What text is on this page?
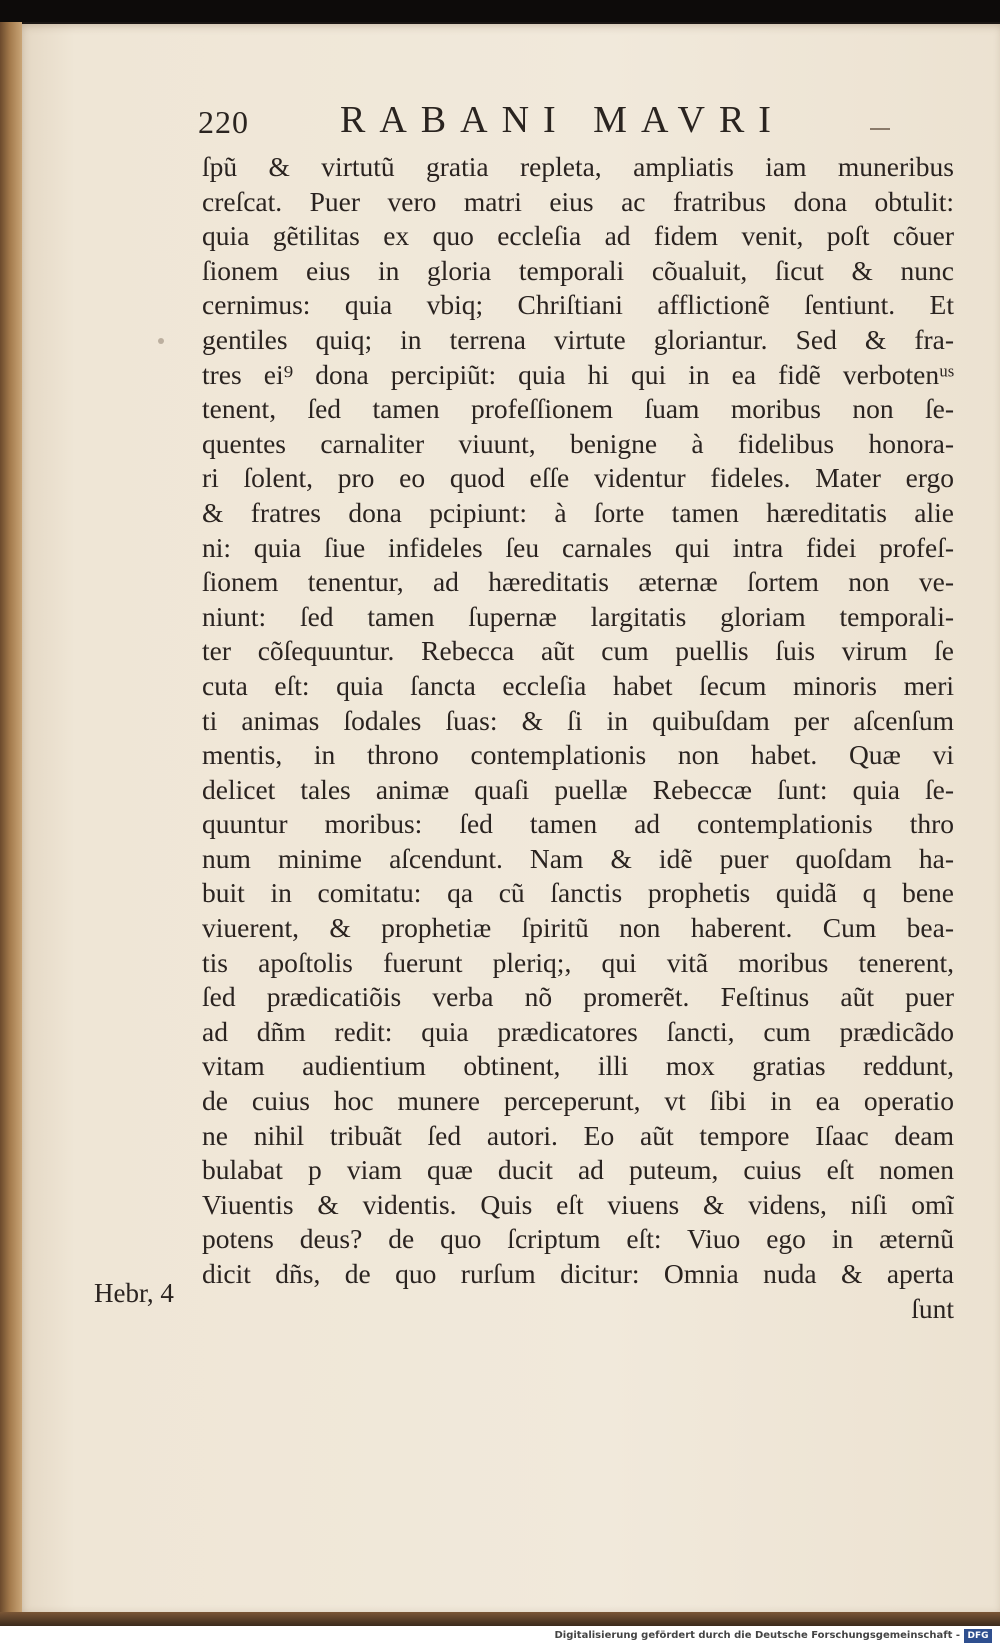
220 RABANI MAVRI
ſpũ & virtutũ gratia repleta, ampliatis iam muneribus
creſcat. Puer vero matri eius ac fratribus dona obtulit:
quia gẽtilitas ex quo eccleſia ad fidem venit, poſt cõuer
ſionem eius in gloria temporali cõualuit, ſicut & nunc
cernimus: quia vbiq; Chriſtiani afflictionẽ ſentiunt. Et
gentiles quiq; in terrena virtute gloriantur. Sed & fra-
tres ei⁹ dona percipiũt: quia hi qui in ea fidẽ verbotenᵘˢ
tenent, ſed tamen profeſſionem ſuam moribus non ſe-
quentes carnaliter viuunt, benigne à fidelibus honora-
ri ſolent, pro eo quod eſſe videntur fideles. Mater ergo
& fratres dona pcipiunt: à ſorte tamen hæreditatis alie
ni: quia ſiue infideles ſeu carnales qui intra fidei profeſ-
ſionem tenentur, ad hæreditatis æternæ ſortem non ve-
niunt: ſed tamen ſupernæ largitatis gloriam temporali-
ter cõſequuntur. Rebecca aũt cum puellis ſuis virum ſe
cuta eſt: quia ſancta eccleſia habet ſecum minoris meri
ti animas ſodales ſuas: & ſi in quibuſdam per aſcenſum
mentis, in throno contemplationis non habet. Quæ vi
delicet tales animæ quaſi puellæ Rebeccæ ſunt: quia ſe-
quuntur moribus: ſed tamen ad contemplationis thro
num minime aſcendunt. Nam & idẽ puer quoſdam ha-
buit in comitatu: qa cũ ſanctis prophetis quidã q bene
viuerent, & prophetiæ ſpiritũ non haberent. Cum bea-
tis apoſtolis fuerunt pleriq;, qui vitã moribus tenerent,
ſed prædicatiõis verba nõ promerẽt. Feſtinus aũt puer
ad dñm redit: quia prædicatores ſancti, cum prædicãdo
vitam audientium obtinent, illi mox gratias reddunt,
de cuius hoc munere perceperunt, vt ſibi in ea operatio
ne nihil tribuãt ſed autori. Eo aũt tempore Iſaac deam
bulabat p viam quæ ducit ad puteum, cuius eſt nomen
Viuentis & videntis. Quis eſt viuens & videns, niſi omĩ
potens deus? de quo ſcriptum eſt: Viuo ego in æternũ
dicit dñs, de quo rurſum dicitur: Omnia nuda & aperta
ſunt
Hebr, 4
Digitalisierung gefördert durch die Deutsche Forschungsgemeinschaft - DFG
